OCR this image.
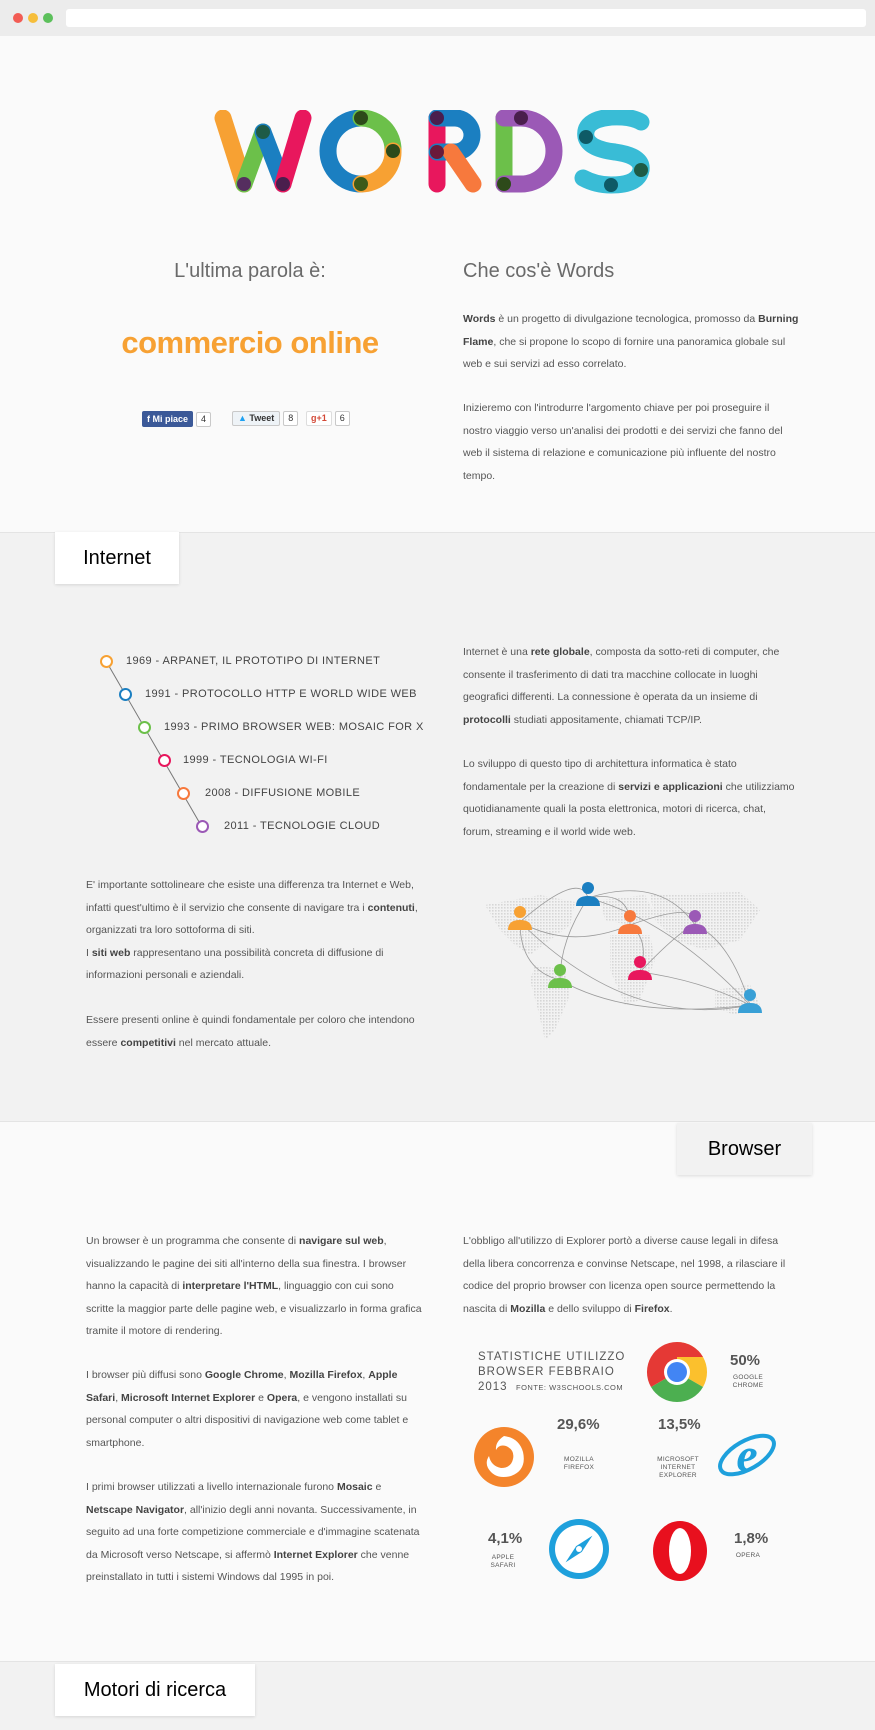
L'ultima parola è:
commercio online
f Mi piace 4	▲ Tweet 8	g+1 6
Che cos'è Words
Words è un progetto di divulgazione tecnologica, promosso da Burning
Flame, che si propone lo scopo di fornire una panoramica globale sul
web e sui servizi ad esso correlato.
Inizieremo con l'introdurre l'argomento chiave per poi proseguire il
nostro viaggio verso un'analisi dei prodotti e dei servizi che fanno del
web il sistema di relazione e comunicazione più influente del nostro
tempo.
Internet
1969 - ARPANET, IL PROTOTIPO DI INTERNET
1991 - PROTOCOLLO HTTP E WORLD WIDE WEB
1993 - PRIMO BROWSER WEB: MOSAIC FOR X
1999 - TECNOLOGIA WI-FI
2008 - DIFFUSIONE MOBILE
2011 - TECNOLOGIE CLOUD
Internet è una rete globale, composta da sotto-reti di computer, che
consente il trasferimento di dati tra macchine collocate in luoghi
geografici differenti. La connessione è operata da un insieme di
protocolli studiati appositamente, chiamati TCP/IP.
Lo sviluppo di questo tipo di architettura informatica è stato
fondamentale per la creazione di servizi e applicazioni che utilizziamo
quotidianamente quali la posta elettronica, motori di ricerca, chat,
forum, streaming e il world wide web.
E' importante sottolineare che esiste una differenza tra Internet e Web,
infatti quest'ultimo è il servizio che consente di navigare tra i contenuti,
organizzati tra loro sottoforma di siti.
I siti web rappresentano una possibilità concreta di diffusione di
informazioni personali e aziendali.
Essere presenti online è quindi fondamentale per coloro che intendono
essere competitivi nel mercato attuale.
Browser
Un browser è un programma che consente di navigare sul web,
visualizzando le pagine dei siti all'interno della sua finestra. I browser
hanno la capacità di interpretare l'HTML, linguaggio con cui sono
scritte la maggior parte delle pagine web, e visualizzarlo in forma grafica
tramite il motore di rendering.
I browser più diffusi sono Google Chrome, Mozilla Firefox, Apple
Safari, Microsoft Internet Explorer e Opera, e vengono installati su
personal computer o altri dispositivi di navigazione web come tablet e
smartphone.
I primi browser utilizzati a livello internazionale furono Mosaic e
Netscape Navigator, all'inizio degli anni novanta. Successivamente, in
seguito ad una forte competizione commerciale e d'immagine scatenata
da Microsoft verso Netscape, si affermò Internet Explorer che venne
preinstallato in tutti i sistemi Windows dal 1995 in poi.
L'obbligo all'utilizzo di Explorer portò a diverse cause legali in difesa
della libera concorrenza e convinse Netscape, nel 1998, a rilasciare il
codice del proprio browser con licenza open source permettendo la
nascita di Mozilla e dello sviluppo di Firefox.
STATISTICHE UTILIZZO
BROWSER FEBBRAIO
2013 FONTE: W3SCHOOLS.COM
50%
GOOGLE
CHROME
29,6%
MOZILLA
FIREFOX
13,5%
MICROSOFT
INTERNET
EXPLORER e
4,1%
APPLE
SAFARI
1,8%
OPERA
Motori di ricerca
